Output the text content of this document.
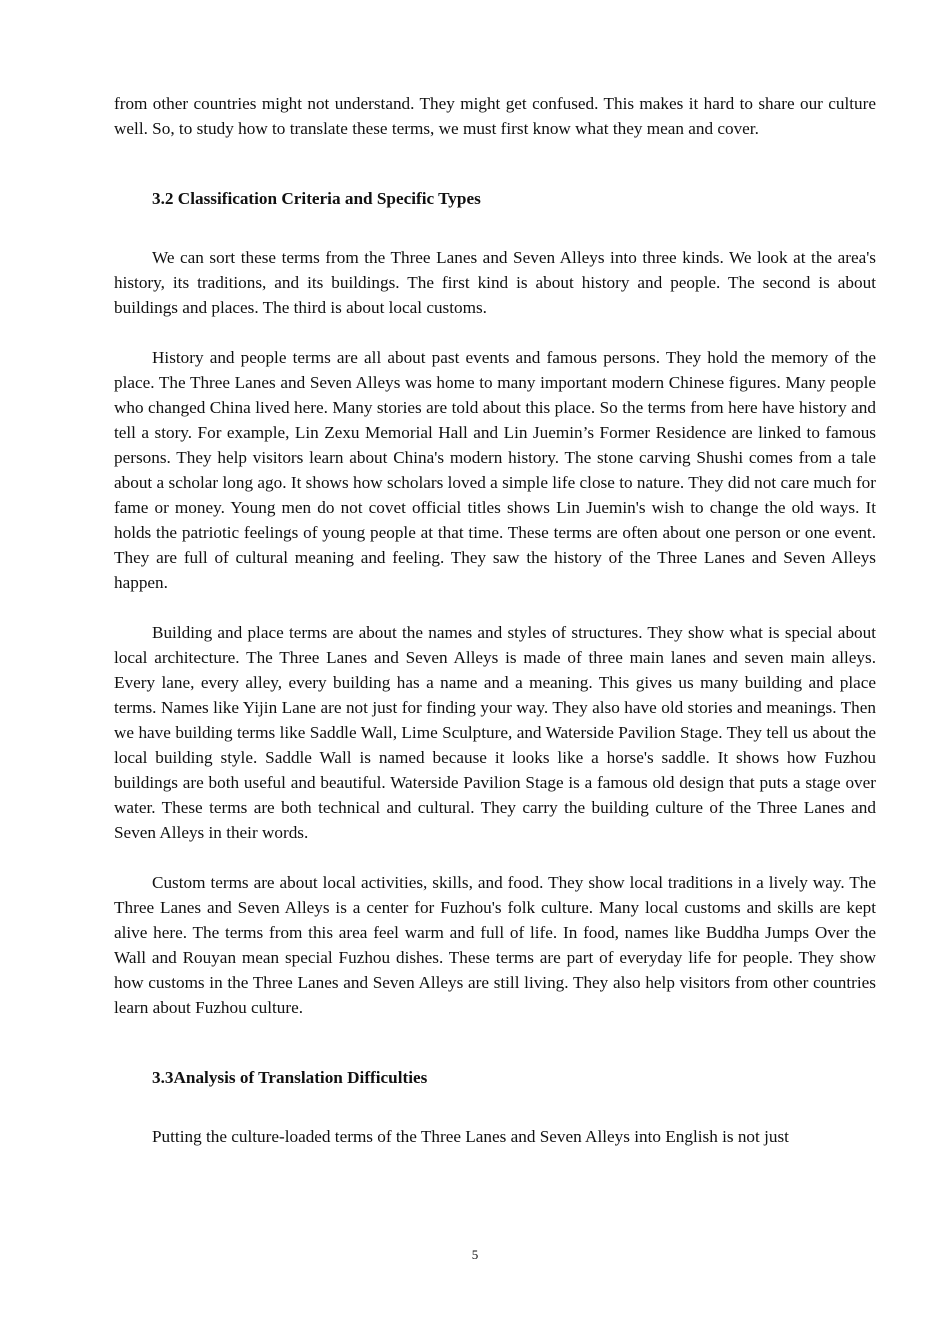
from other countries might not understand. They might get confused. This makes it hard to share our culture well. So, to study how to translate these terms, we must first know what they mean and cover.

3.2 Classification Criteria and Specific Types

We can sort these terms from the Three Lanes and Seven Alleys into three kinds. We look at the area's history, its traditions, and its buildings. The first kind is about history and people. The second is about buildings and places. The third is about local customs.

History and people terms are all about past events and famous persons. They hold the memory of the place. The Three Lanes and Seven Alleys was home to many important modern Chinese figures. Many people who changed China lived here. Many stories are told about this place. So the terms from here have history and tell a story. For example, Lin Zexu Memorial Hall and Lin Juemin’s Former Residence are linked to famous persons. They help visitors learn about China's modern history. The stone carving Shushi comes from a tale about a scholar long ago. It shows how scholars loved a simple life close to nature. They did not care much for fame or money. Young men do not covet official titles shows Lin Juemin's wish to change the old ways. It holds the patriotic feelings of young people at that time. These terms are often about one person or one event. They are full of cultural meaning and feeling. They saw the history of the Three Lanes and Seven Alleys happen.

Building and place terms are about the names and styles of structures. They show what is special about local architecture. The Three Lanes and Seven Alleys is made of three main lanes and seven main alleys. Every lane, every alley, every building has a name and a meaning. This gives us many building and place terms. Names like Yijin Lane are not just for finding your way. They also have old stories and meanings. Then we have building terms like Saddle Wall, Lime Sculpture, and Waterside Pavilion Stage. They tell us about the local building style. Saddle Wall is named because it looks like a horse's saddle. It shows how Fuzhou buildings are both useful and beautiful. Waterside Pavilion Stage is a famous old design that puts a stage over water. These terms are both technical and cultural. They carry the building culture of the Three Lanes and Seven Alleys in their words.

Custom terms are about local activities, skills, and food. They show local traditions in a lively way. The Three Lanes and Seven Alleys is a center for Fuzhou's folk culture. Many local customs and skills are kept alive here. The terms from this area feel warm and full of life. In food, names like Buddha Jumps Over the Wall and Rouyan mean special Fuzhou dishes. These terms are part of everyday life for people. They show how customs in the Three Lanes and Seven Alleys are still living. They also help visitors from other countries learn about Fuzhou culture.

3.3Analysis of Translation Difficulties

Putting the culture-loaded terms of the Three Lanes and Seven Alleys into English is not just

5
